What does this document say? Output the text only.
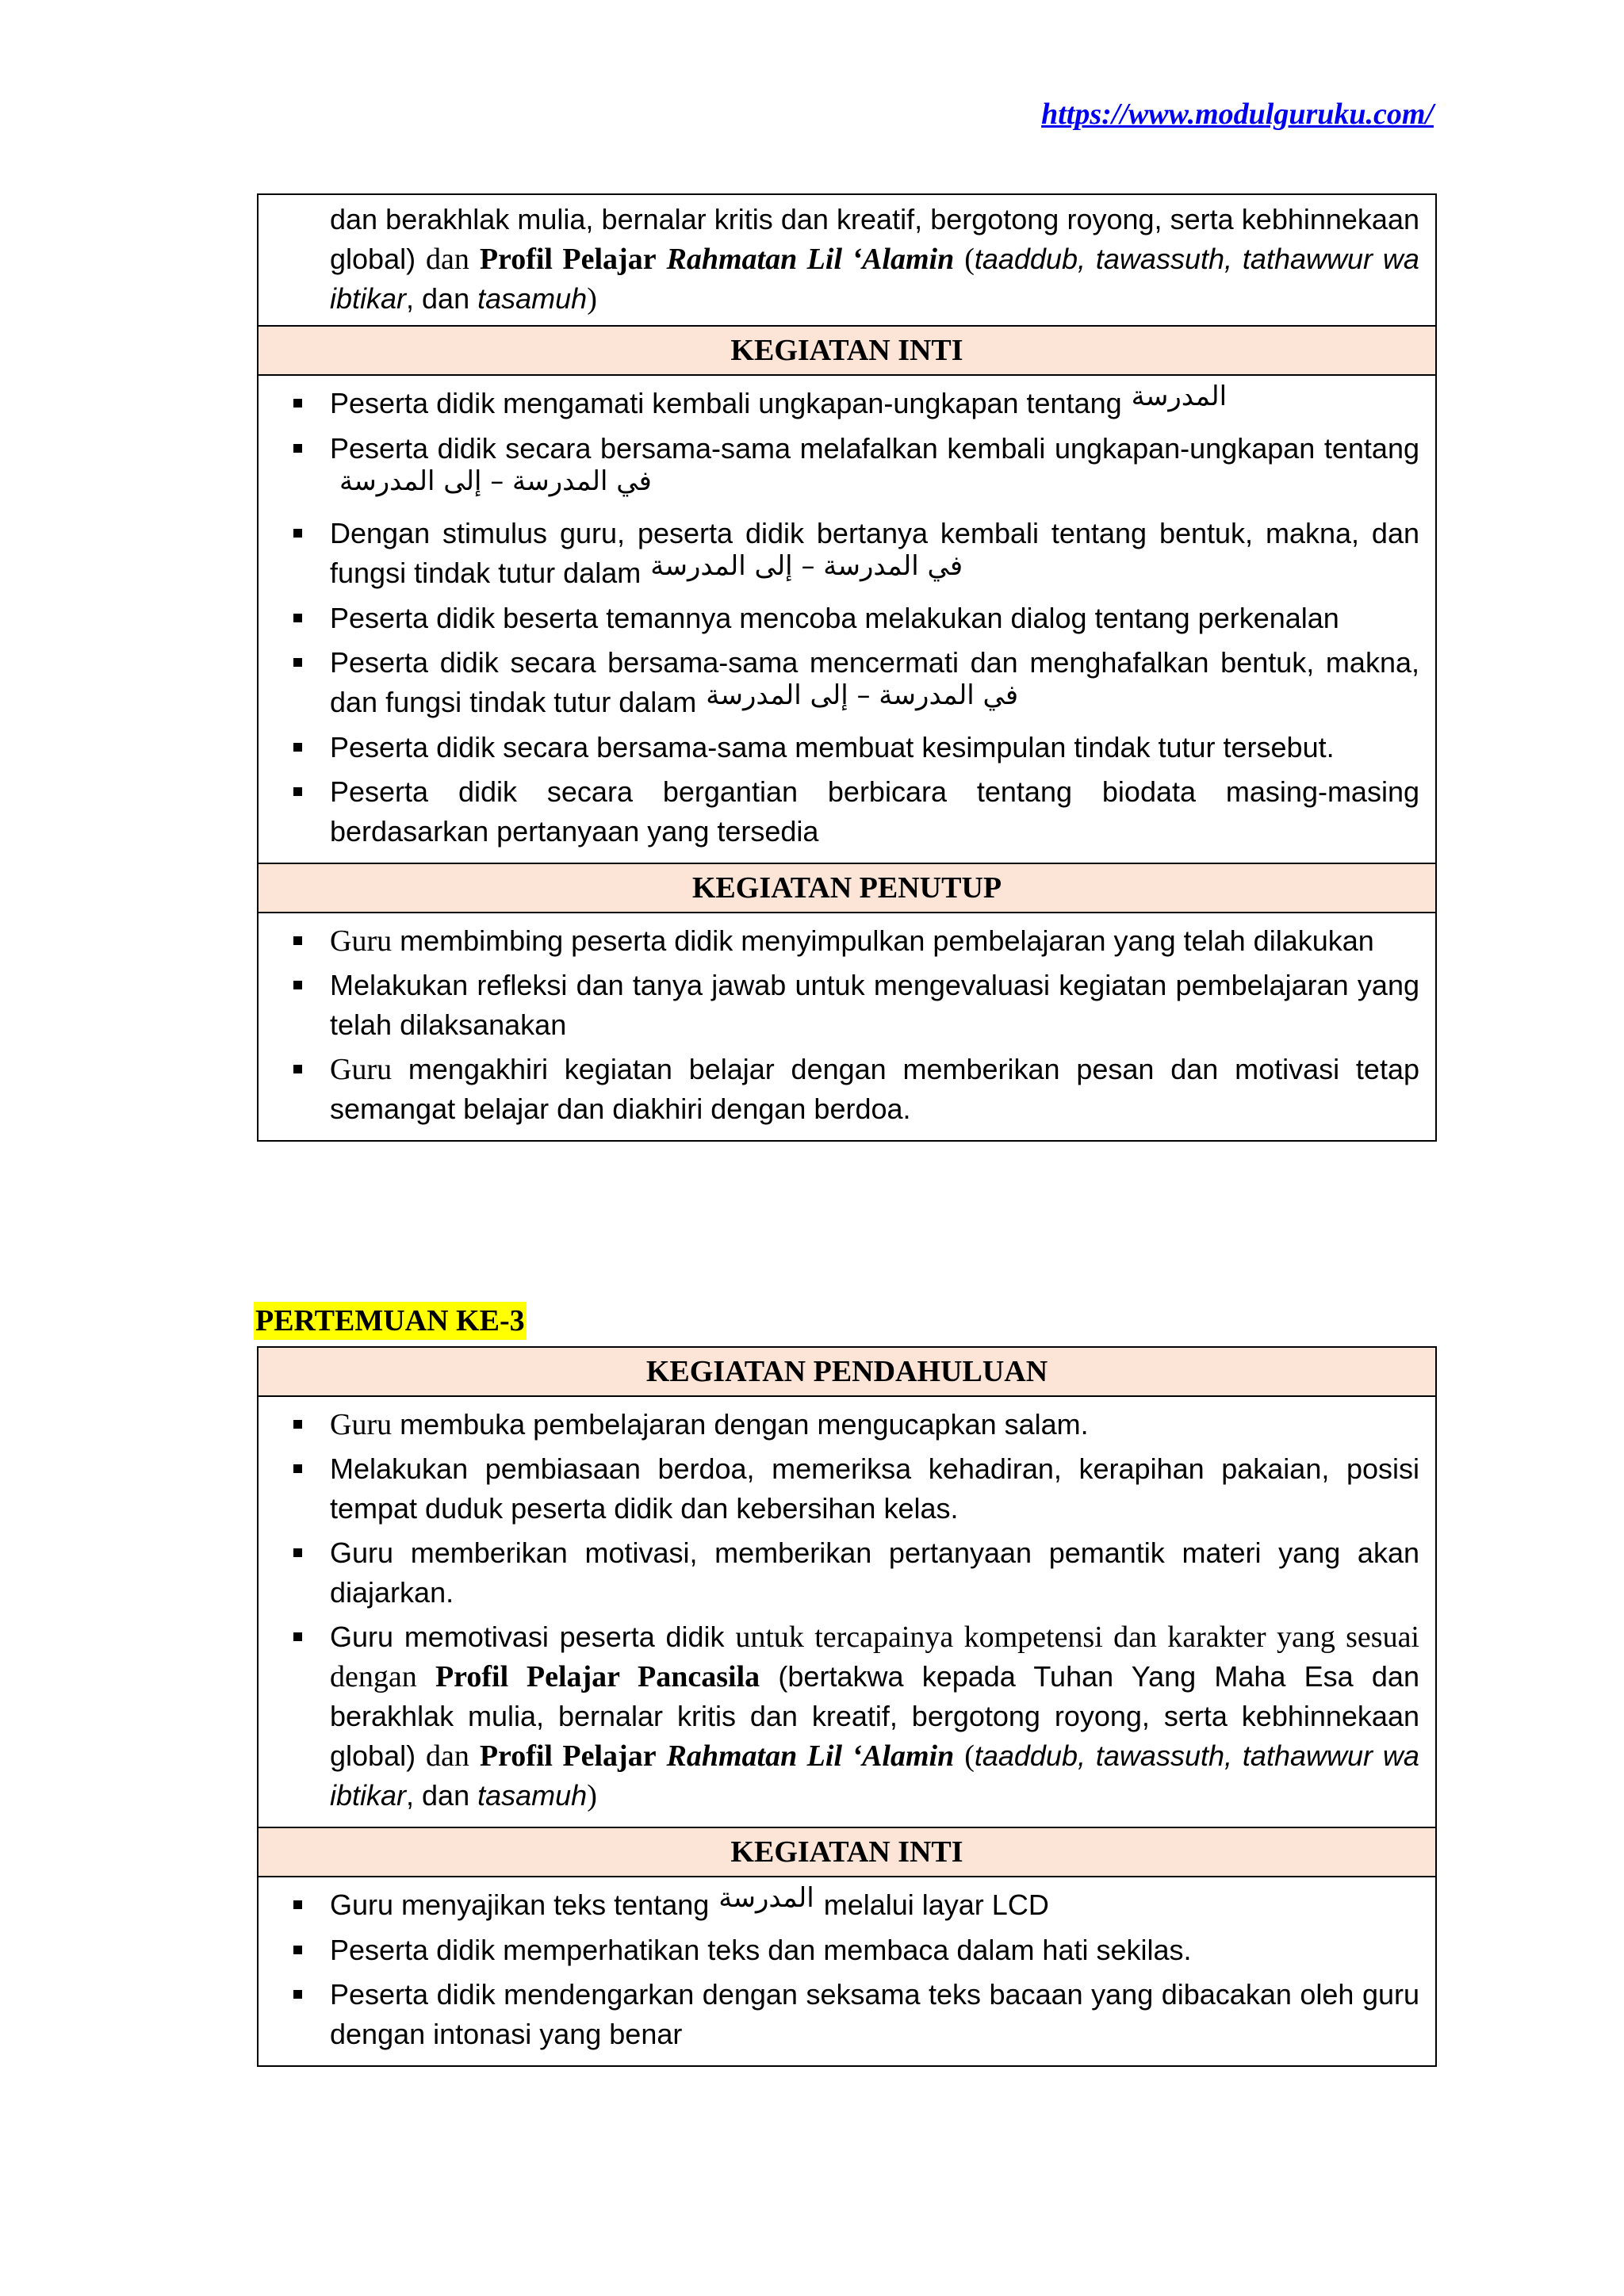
https://www.modulguruku.com/
dan berakhlak mulia, bernalar kritis dan kreatif, bergotong royong, serta kebhinnekaan global) dan Profil Pelajar Rahmatan Lil ‘Alamin (taaddub, tawassuth, tathawwur wa ibtikar, dan tasamuh)

KEGIATAN INTI

Peserta didik mengamati kembali ungkapan-ungkapan tentang المدرسة
Peserta didik secara bersama-sama melafalkan kembali ungkapan-ungkapan tentangفي المدرسة – إلى المدرسة
Dengan stimulus guru, peserta didik bertanya kembali tentang bentuk, makna, dan fungsi tindak tutur dalam في المدرسة – إلى المدرسة
Peserta didik beserta temannya mencoba melakukan dialog tentang perkenalan
Peserta didik secara bersama-sama mencermati dan menghafalkan bentuk, makna, dan fungsi tindak tutur dalam في المدرسة – إلى المدرسة
Peserta didik secara bersama-sama membuat kesimpulan tindak tutur tersebut.
Peserta didik secara bergantian berbicara tentang biodata masing-masing berdasarkan pertanyaan yang tersedia

KEGIATAN PENUTUP

Guru membimbing peserta didik menyimpulkan pembelajaran yang telah dilakukan
Melakukan refleksi dan tanya jawab untuk mengevaluasi kegiatan pembelajaran yang telah dilaksanakan
Guru mengakhiri kegiatan belajar dengan memberikan pesan dan motivasi tetap semangat belajar dan diakhiri dengan berdoa.
PERTEMUAN KE-3
KEGIATAN PENDAHULUAN

Guru membuka pembelajaran dengan mengucapkan salam.
Melakukan pembiasaan berdoa, memeriksa kehadiran, kerapihan pakaian, posisi tempat duduk peserta didik dan kebersihan kelas.
Guru memberikan motivasi, memberikan pertanyaan pemantik materi yang akan diajarkan.
Guru memotivasi peserta didik untuk tercapainya kompetensi dan karakter yang sesuai dengan Profil Pelajar Pancasila (bertakwa kepada Tuhan Yang Maha Esa dan berakhlak mulia, bernalar kritis dan kreatif, bergotong royong, serta kebhinnekaan global) dan Profil Pelajar Rahmatan Lil ‘Alamin (taaddub, tawassuth, tathawwur wa ibtikar, dan tasamuh)

KEGIATAN INTI

Guru menyajikan teks tentang المدرسة melalui layar LCD
Peserta didik memperhatikan teks dan membaca dalam hati sekilas.
Peserta didik mendengarkan dengan seksama teks bacaan yang dibacakan oleh guru dengan intonasi yang benar
